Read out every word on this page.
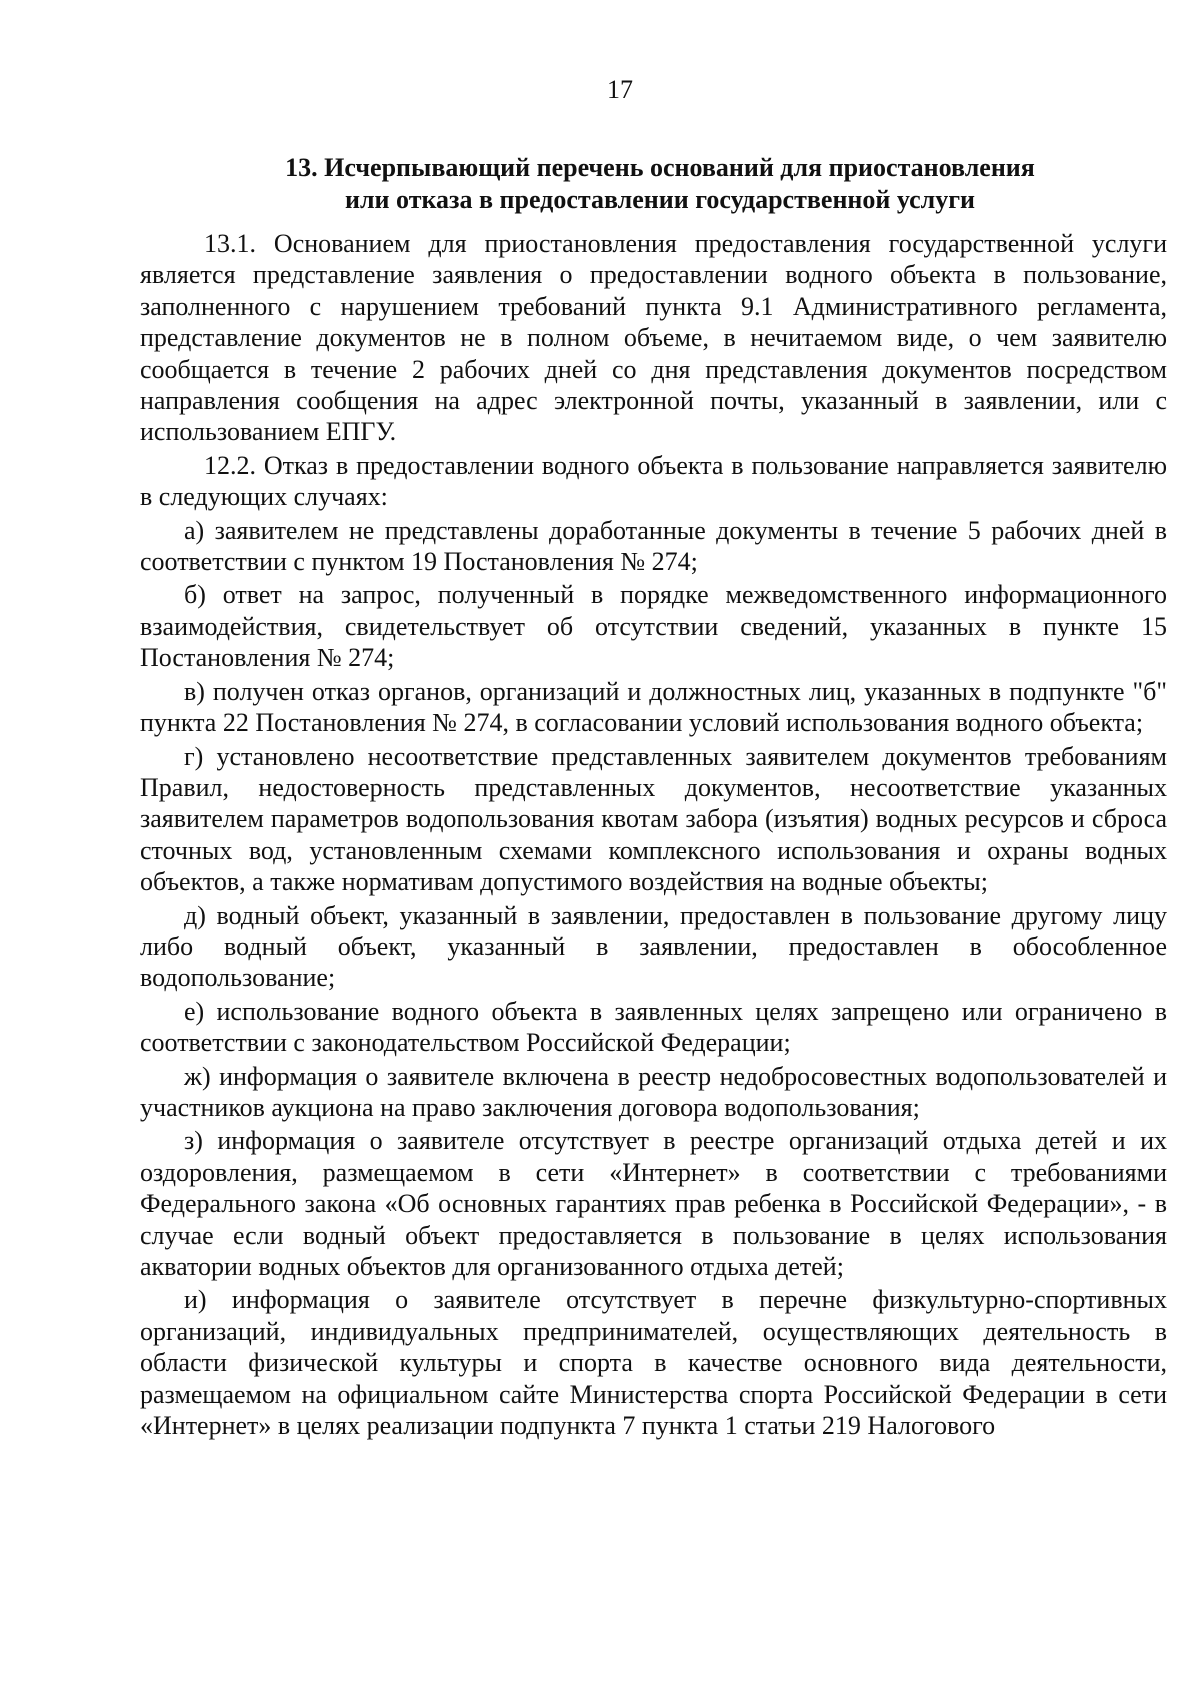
17
13. Исчерпывающий перечень оснований для приостановления
или отказа в предоставлении государственной услуги

13.1. Основанием для приостановления предоставления государственной услуги является представление заявления о предоставлении водного объекта в пользование, заполненного с нарушением требований пункта 9.1 Административного регламента, представление документов не в полном объеме, в нечитаемом виде, о чем заявителю сообщается в течение 2 рабочих дней со дня представления документов посредством направления сообщения на адрес электронной почты, указанный в заявлении, или с использованием ЕПГУ.

12.2. Отказ в предоставлении водного объекта в пользование направляется заявителю в следующих случаях:

а) заявителем не представлены доработанные документы в течение 5 рабочих дней в соответствии с пунктом 19 Постановления № 274;

б) ответ на запрос, полученный в порядке межведомственного информационного взаимодействия, свидетельствует об отсутствии сведений, указанных в пункте 15 Постановления № 274;

в) получен отказ органов, организаций и должностных лиц, указанных в подпункте "б" пункта 22 Постановления № 274, в согласовании условий использования водного объекта;

г) установлено несоответствие представленных заявителем документов требованиям Правил, недостоверность представленных документов, несоответствие указанных заявителем параметров водопользования квотам забора (изъятия) водных ресурсов и сброса сточных вод, установленным схемами комплексного использования и охраны водных объектов, а также нормативам допустимого воздействия на водные объекты;

д) водный объект, указанный в заявлении, предоставлен в пользование другому лицу либо водный объект, указанный в заявлении, предоставлен в обособленное водопользование;

е) использование водного объекта в заявленных целях запрещено или ограничено в соответствии с законодательством Российской Федерации;

ж) информация о заявителе включена в реестр недобросовестных водопользователей и участников аукциона на право заключения договора водопользования;

з) информация о заявителе отсутствует в реестре организаций отдыха детей и их оздоровления, размещаемом в сети «Интернет» в соответствии с требованиями Федерального закона «Об основных гарантиях прав ребенка в Российской Федерации», - в случае если водный объект предоставляется в пользование в целях использования акватории водных объектов для организованного отдыха детей;

и) информация о заявителе отсутствует в перечне физкультурно-спортивных организаций, индивидуальных предпринимателей, осуществляющих деятельность в области физической культуры и спорта в качестве основного вида деятельности, размещаемом на официальном сайте Министерства спорта Российской Федерации в сети «Интернет» в целях реализации подпункта 7 пункта 1 статьи 219 Налогового
